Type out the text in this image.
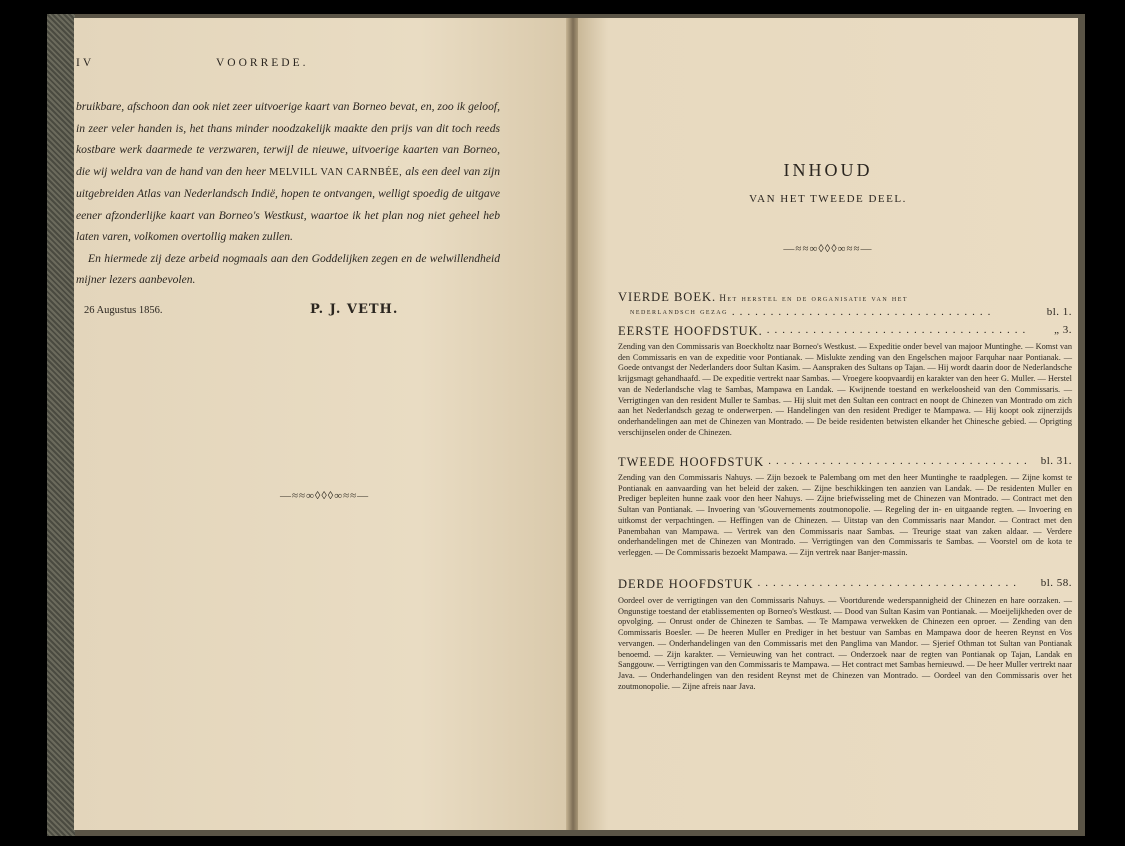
IV	VOORREDE.

bruikbare, afschoon dan ook niet zeer uitvoerige kaart van Borneo bevat, en, zoo ik geloof, in zeer veler handen is, het thans minder noodzakelijk maakte den prijs van dit toch reeds kostbare werk daarmede te verzwaren, terwijl de nieuwe, uitvoerige kaarten van Borneo, die wij weldra van de hand van den heer MELVILL VAN CARNBÉE, als een deel van zijn uitgebreiden Atlas van Nederlandsch Indië, hopen te ontvangen, welligt spoedig de uitgave eener afzonderlijke kaart van Borneo's Westkust, waartoe ik het plan nog niet geheel heb laten varen, volkomen overtollig maken zullen.

En hiermede zij deze arbeid nogmaals aan den Goddelijken zegen en de welwillendheid mijner lezers aanbevolen.

26 Augustus 1856.	P. J. VETH.
—≈≈∞◊◊◊∞≈≈—
INHOUD
VAN HET TWEEDE DEEL.
—≈≈∞◊◊◊∞≈≈—
VIERDE BOEK. Het herstel en de organisatie van het
nederlandsch gezag ..................................	bl. 1.
EERSTE HOOFDSTUK. ..................................	„ 3.
Zending van den Commissaris van Boeckholtz naar Borneo's Westkust. — Expeditie onder bevel van majoor Muntinghe. — Komst van den Commissaris en van de expeditie voor Pontianak. — Mislukte zending van den Engelschen majoor Farquhar naar Pontianak. — Goede ontvangst der Nederlanders door Sultan Kasim. — Aanspraken des Sultans op Tajan. — Hij wordt daarin door de Nederlandsche krijgsmagt gehandhaafd. — De expeditie vertrekt naar Sambas. — Vroegere koopvaardij en karakter van den heer G. Muller. — Herstel van de Nederlandsche vlag te Sambas, Mampawa en Landak. — Kwijnende toestand en werkeloosheid van den Commissaris. — Verrigtingen van den resident Muller te Sambas. — Hij sluit met den Sultan een contract en noopt de Chinezen van Montrado om zich aan het Nederlandsch gezag te onderwerpen. — Handelingen van den resident Prediger te Mampawa. — Hij koopt ook zijnerzijds onderhandelingen aan met de Chinezen van Montrado. — De beide residenten betwisten elkander het Chinesche gebied. — Oprigting verschijnselen onder de Chinezen.
TWEEDE HOOFDSTUK .................................. bl. 31.
Zending van den Commissaris Nahuys. — Zijn bezoek te Palembang om met den heer Muntinghe te raadplegen. — Zijne komst te Pontianak en aanvaarding van het beleid der zaken. — Zijne beschikkingen ten aanzien van Landak. — De residenten Muller en Prediger bepleiten hunne zaak voor den heer Nahuys. — Zijne briefwisseling met de Chinezen van Montrado. — Contract met den Sultan van Pontianak. — Invoering van 'sGouvernements zoutmonopolie. — Regeling der in- en uitgaande regten. — Invoering en uitkomst der verpachtingen. — Heffingen van de Chinezen. — Uitstap van den Commissaris naar Mandor. — Contract met den Panembahan van Mampawa. — Vertrek van den Commissaris naar Sambas. — Treurige staat van zaken aldaar. — Verdere onderhandelingen met de Chinezen van Montrado. — Verrigtingen van den Commissaris te Sambas. — Voorstel om de kota te verleggen. — De Commissaris bezoekt Mampawa. — Zijn vertrek naar Banjer-massin.
DERDE HOOFDSTUK ..................................	bl. 58.
Oordeel over de verrigtingen van den Commissaris Nahuys. — Voortdurende wederspannigheid der Chinezen en hare oorzaken. — Ongunstige toestand der etablissementen op Borneo's Westkust. — Dood van Sultan Kasim van Pontianak. — Moeijelijkheden over de opvolging. — Onrust onder de Chinezen te Sambas. — Te Mampawa verwekken de Chinezen een oproer. — Zending van den Commissaris Boesler. — De heeren Muller en Prediger in het bestuur van Sambas en Mampawa door de heeren Reynst en Vos vervangen. — Onderhandelingen van den Commissaris met den Panglima van Mandor. — Sjerief Othman tot Sultan van Pontianak benoemd. — Zijn karakter. — Vernieuwing van het contract. — Onderzoek naar de regten van Pontianak op Tajan, Landak en Sanggouw. — Verrigtingen van den Commissaris te Mampawa. — Het contract met Sambas hernieuwd. — De heer Muller vertrekt naar Java. — Onderhandelingen van den resident Reynst met de Chinezen van Montrado. — Oordeel van den Commissaris over het zoutmonopolie. — Zijne afreis naar Java.
